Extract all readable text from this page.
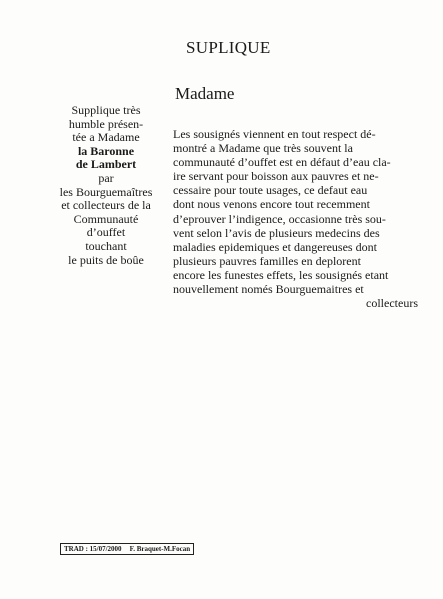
SUPLIQUE
Madame
Supplique très
humble présen-
tée a Madame
la Baronne
de Lambert
par
les Bourguemaîtres
et collecteurs de la
Communauté
d’ouffet
touchant
le puits de boûe
Les sousignés viennent en tout respect dé-
montré a Madame que très souvent la
communauté d’ouffet est en défaut d’eau cla-
ire servant pour boisson aux pauvres et ne-
cessaire pour toute usages, ce defaut eau
dont nous venons encore tout recemment
d’eprouver l’indigence, occasionne très sou-
vent selon l’avis de plusieurs medecins des
maladies epidemiques et dangereuses dont
plusieurs pauvres familles en deplorent
encore les funestes effets, les sousignés etant
nouvellement només Bourguemaitres et
collecteurs
TRAD : 15/07/2000 F. Braquet-M.Focan
